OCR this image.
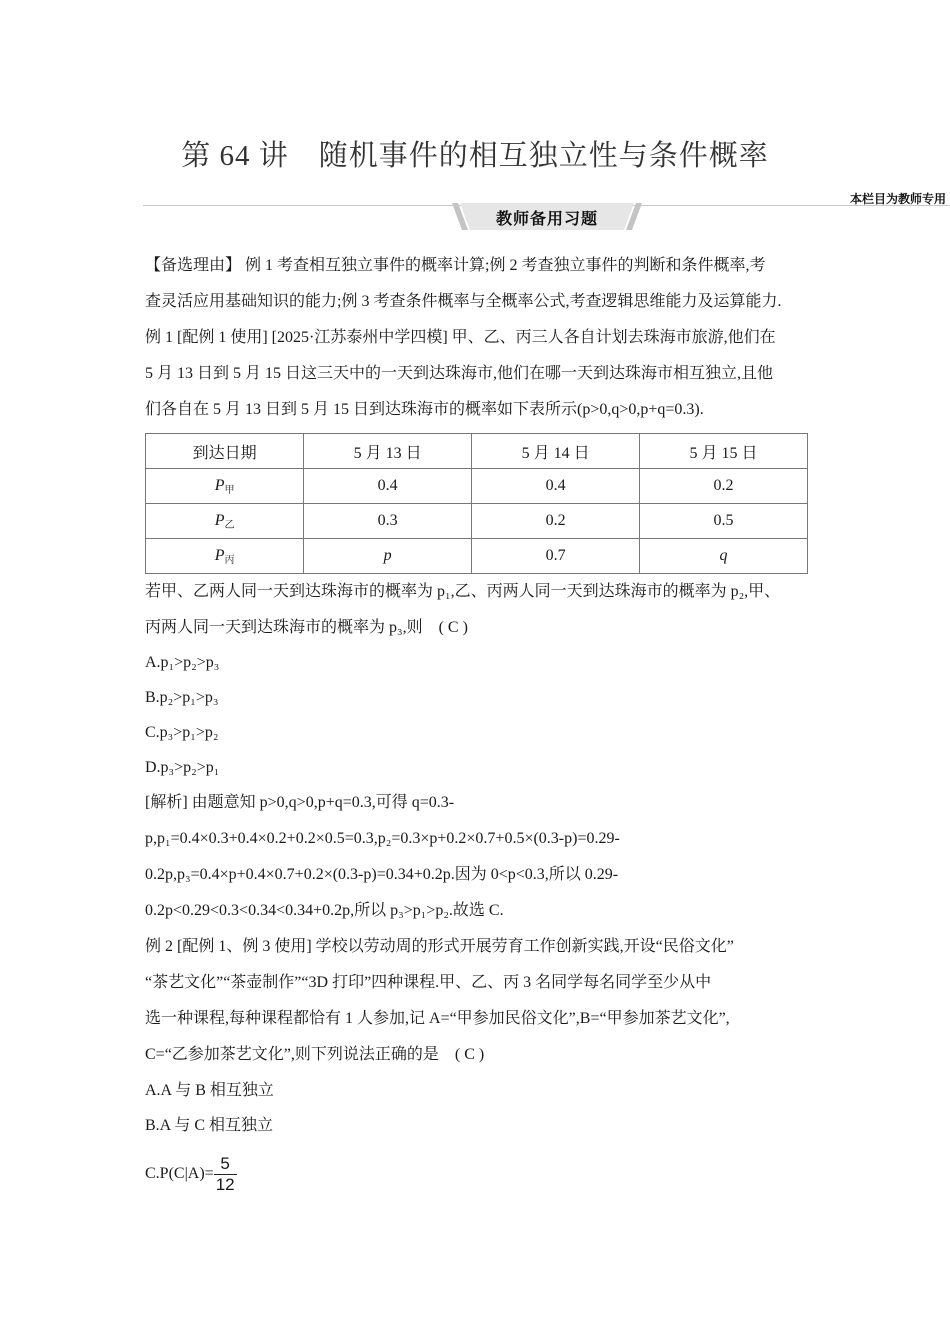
第 64 讲　随机事件的相互独立性与条件概率
本栏目为教师专用
教师备用习题
【备选理由】 例 1 考查相互独立事件的概率计算;例 2 考查独立事件的判断和条件概率,考
查灵活应用基础知识的能力;例 3 考查条件概率与全概率公式,考查逻辑思维能力及运算能力.
例 1 [配例 1 使用] [2025·江苏泰州中学四模] 甲、乙、丙三人各自计划去珠海市旅游,他们在
5 月 13 日到 5 月 15 日这三天中的一天到达珠海市,他们在哪一天到达珠海市相互独立,且他
们各自在 5 月 13 日到 5 月 15 日到达珠海市的概率如下表所示(p>0,q>0,p+q=0.3).
到达日期	5 月 13 日	5 月 14 日	5 月 15 日
$P_甲$	0.4	0.4	0.2
$P_乙$	0.3	0.2	0.5
$P_丙$	p	0.7	q
若甲、乙两人同一天到达珠海市的概率为 p₁,乙、丙两人同一天到达珠海市的概率为 p₂,甲、
丙两人同一天到达珠海市的概率为 p₃,则　( C )
A.p₁>p₂>p₃
B.p₂>p₁>p₃
C.p₃>p₁>p₂
D.p₃>p₂>p₁
[解析] 由题意知 p>0,q>0,p+q=0.3,可得 q=0.3-
p,p₁=0.4×0.3+0.4×0.2+0.2×0.5=0.3,p₂=0.3×p+0.2×0.7+0.5×(0.3-p)=0.29-
0.2p,p₃=0.4×p+0.4×0.7+0.2×(0.3-p)=0.34+0.2p.因为 0<p<0.3,所以 0.29-
0.2p<0.29<0.3<0.34<0.34+0.2p,所以 p₃>p₁>p₂.故选 C.
例 2 [配例 1、例 3 使用] 学校以劳动周的形式开展劳育工作创新实践,开设“民俗文化”
“茶艺文化”“茶壶制作”“3D 打印”四种课程.甲、乙、丙 3 名同学每名同学至少从中
选一种课程,每种课程都恰有 1 人参加,记 A=“甲参加民俗文化”,B=“甲参加茶艺文化”,
C=“乙参加茶艺文化”,则下列说法正确的是　( C )
A.A 与 B 相互独立
B.A 与 C 相互独立
$C.P(C|A)= \frac{5}{12}$
